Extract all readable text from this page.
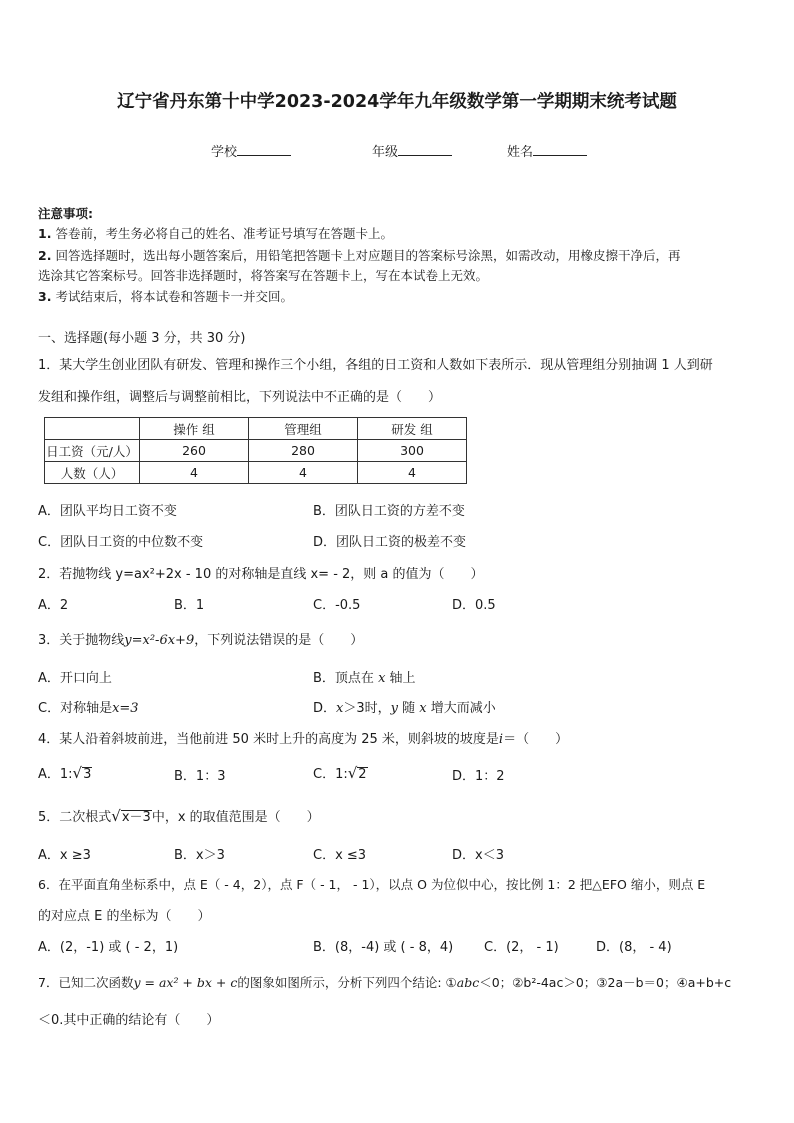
辽宁省丹东第十中学2023-2024学年九年级数学第一学期期末统考试题
学校	年级	姓名
注意事项:
1. 答卷前，考生务必将自己的姓名、准考证号填写在答题卡上。
2. 回答选择题时，选出每小题答案后，用铅笔把答题卡上对应题目的答案标号涂黑，如需改动，用橡皮擦干净后，再
选涂其它答案标号。回答非选择题时，将答案写在答题卡上，写在本试卷上无效。
3. 考试结束后，将本试卷和答题卡一并交回。
一、选择题(每小题 3 分，共 30 分)
1．某大学生创业团队有研发、管理和操作三个小组，各组的日工资和人数如下表所示．现从管理组分别抽调 1 人到研
发组和操作组，调整后与调整前相比，下列说法中不正确的是（　　）
	操作 组	管理组	研发 组
日工资（元/人）	260	280	300
人数（人）	4	4	4
A．团队平均日工资不变	B．团队日工资的方差不变
C．团队日工资的中位数不变	D．团队日工资的极差不变
2．若抛物线 y=ax²+2x - 10 的对称轴是直线 x= - 2，则 a 的值为（　　）
A．2	B．1	C．-0.5	D．0.5
3．关于抛物线y=x²-6x+9，下列说法错误的是（　　）
A．开口向上	B．顶点在 x 轴上
C．对称轴是x=3	D．x＞3时，y 随 x 增大而减小
4．某人沿着斜坡前进，当他前进 50 米时上升的高度为 25 米，则斜坡的坡度是i＝（　　）
A．1:√3	B．1：3	C．1:√2	D．1：2
5．二次根式√x－3中，x 的取值范围是（　　）
A．x ≥3	B．x＞3	C．x ≤3	D．x＜3
6．在平面直角坐标系中，点 E（ - 4，2），点 F（ - 1， - 1），以点 O 为位似中心，按比例 1：2 把△EFO 缩小，则点 E
的对应点 E 的坐标为（　　）
A．(2，-1) 或 ( - 2，1)	B．(8，-4) 或 ( - 8，4) C．(2， - 1)	D．(8， - 4)
7．已知二次函数y = ax² + bx + c的图象如图所示，分析下列四个结论: ①abc＜0；②b²-4ac＞0；③2a－b＝0；④a+b+c
＜0.其中正确的结论有（　　）
